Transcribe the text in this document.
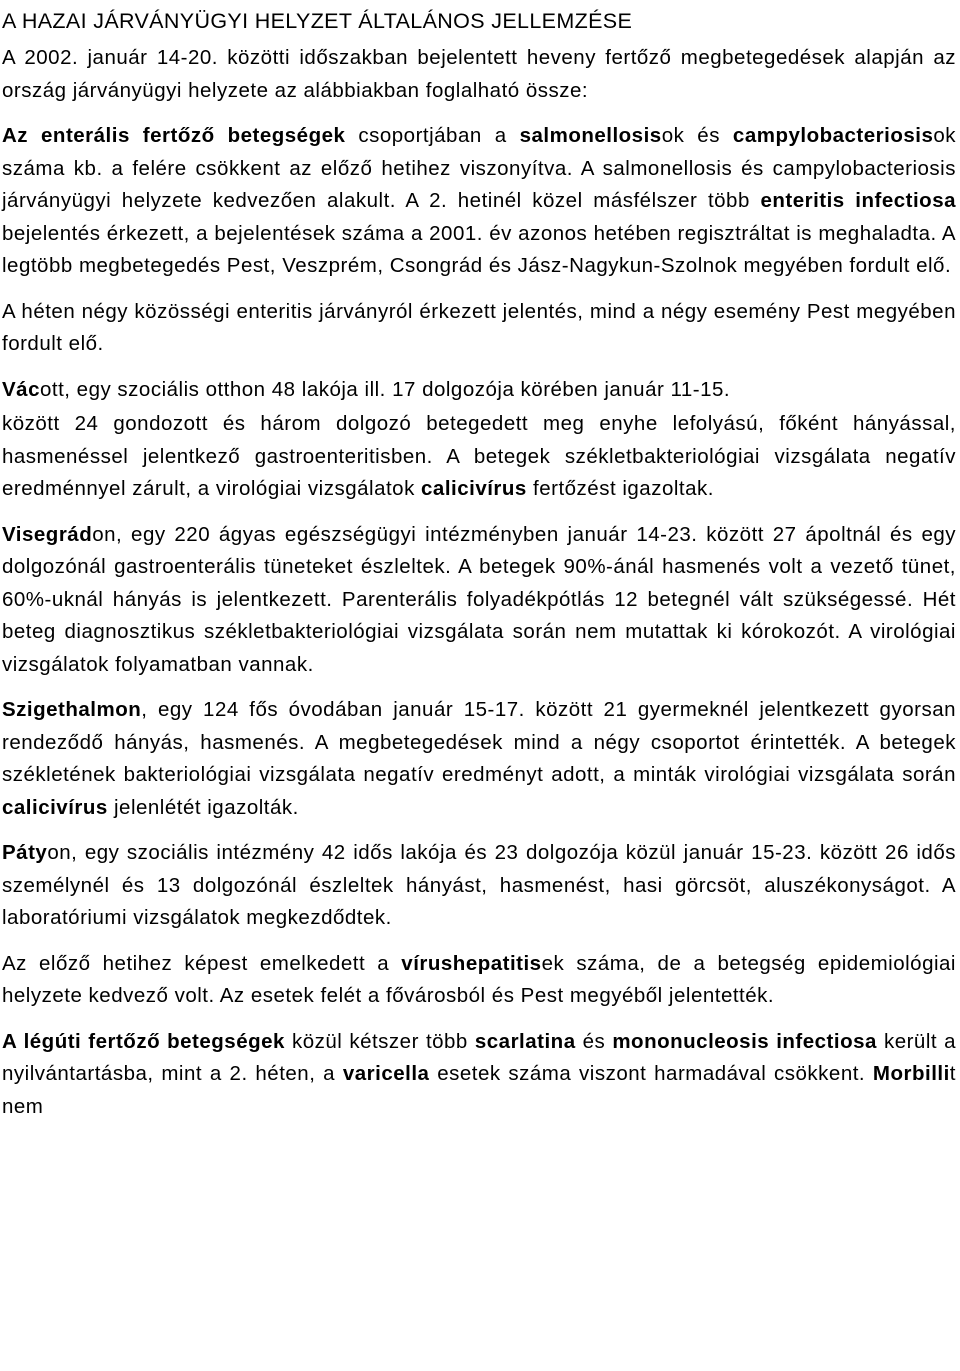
A HAZAI JÁRVÁNYÜGYI HELYZET ÁLTALÁNOS JELLEMZÉSE

A 2002. január 14-20. közötti időszakban bejelentett heveny fertőző megbetegedések alapján az ország járványügyi helyzete az alábbiakban foglalható össze:

Az enterális fertőző betegségek csoportjában a salmonellosisok és campylobacteriosisok száma kb. a felére csökkent az előző hetihez viszonyítva. A salmonellosis és campylobacteriosis járványügyi helyzete kedvezően alakult. A 2. hetinél közel másfélszer több enteritis infectiosa bejelentés érkezett, a bejelentések száma a 2001. év azonos hetében regisztráltat is meghaladta. A legtöbb megbetegedés Pest, Veszprém, Csongrád és Jász-Nagykun-Szolnok megyében fordult elő.

A héten négy közösségi enteritis járványról érkezett jelentés, mind a négy esemény Pest megyében fordult elő.

Vácott, egy szociális otthon 48 lakója ill. 17 dolgozója körében január 11-15.

között 24 gondozott és három dolgozó betegedett meg enyhe lefolyású, főként hányással, hasmenéssel jelentkező gastroenteritisben. A betegek székletbakteriológiai vizsgálata negatív eredménnyel zárult, a virológiai vizsgálatok calicivírus fertőzést igazoltak.

Visegrádon, egy 220 ágyas egészségügyi intézményben január 14-23. között 27 ápoltnál és egy dolgozónál gastroenterális tüneteket észleltek. A betegek 90%-ánál hasmenés volt a vezető tünet, 60%-uknál hányás is jelentkezett. Parenterális folyadékpótlás 12 betegnél vált szükségessé. Hét beteg diagnosztikus székletbakteriológiai vizsgálata során nem mutattak ki kórokozót. A virológiai vizsgálatok folyamatban vannak.

Szigethalmon, egy 124 fős óvodában január 15-17. között 21 gyermeknél jelentkezett gyorsan rendeződő hányás, hasmenés. A megbetegedések mind a négy csoportot érintették. A betegek székletének bakteriológiai vizsgálata negatív eredményt adott, a minták virológiai vizsgálata során calicivírus jelenlétét igazolták.

Pátyon, egy szociális intézmény 42 idős lakója és 23 dolgozója közül január 15-23. között 26 idős személynél és 13 dolgozónál észleltek hányást, hasmenést, hasi görcsöt, aluszékonyságot. A laboratóriumi vizsgálatok megkezdődtek.

Az előző hetihez képest emelkedett a vírushepatitisek száma, de a betegség epidemiológiai helyzete kedvező volt. Az esetek felét a fővárosból és Pest megyéből jelentették.

A légúti fertőző betegségek közül kétszer több scarlatina és mononucleosis infectiosa került a nyilvántartásba, mint a 2. héten, a varicella esetek száma viszont harmadával csökkent. Morbillit nem
